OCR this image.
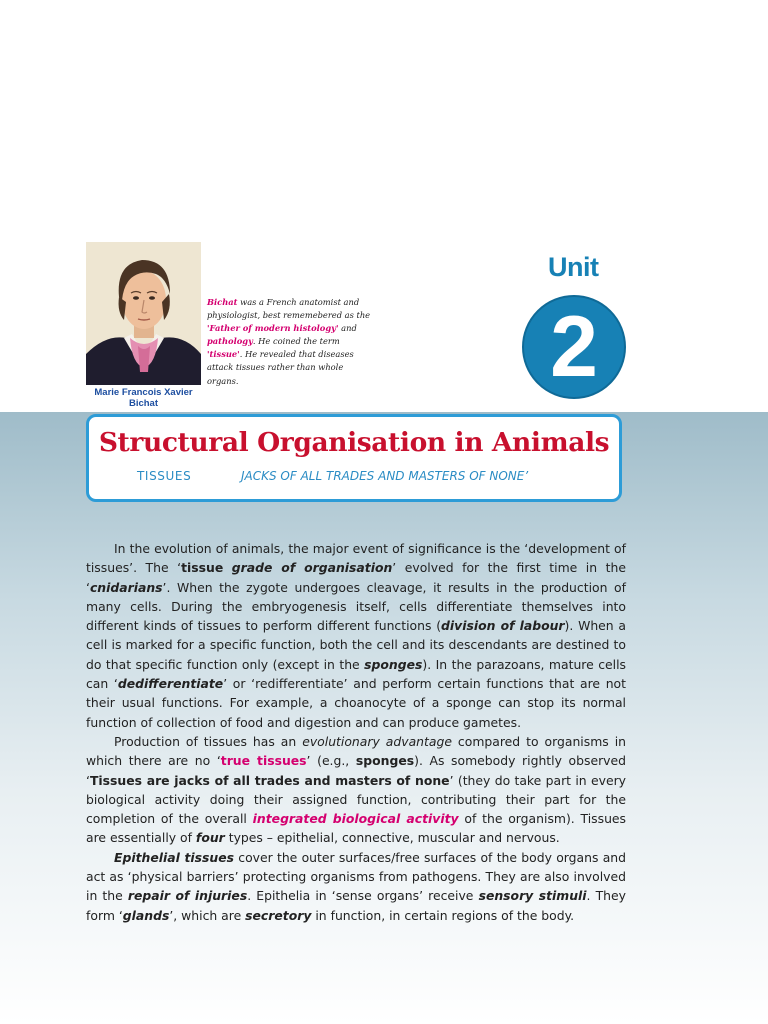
Marie Francois Xavier
Bichat
Bichat was a French anatomist and physiologist, best rememebered as the 'Father of modern histology' and pathology. He coined the term 'tissue'. He revealed that diseases attack tissues rather than whole organs.
Unit
2
Structural Organisation in Animals
TISSUES	JACKS OF ALL TRADES AND MASTERS OF NONE’

In the evolution of animals, the major event of significance is the ‘development of tissues’. The ‘tissue grade of organisation’ evolved for the first time in the ‘cnidarians’. When the zygote undergoes cleavage, it results in the production of many cells. During the embryogenesis itself, cells differentiate themselves into different kinds of tissues to perform different functions (division of labour). When a cell is marked for a specific function, both the cell and its descendants are destined to do that specific function only (except in the sponges). In the parazoans, mature cells can ‘dedifferentiate’ or ‘redifferentiate’ and perform certain functions that are not their usual functions. For example, a choanocyte of a sponge can stop its normal function of collection of food and digestion and can produce gametes.

Production of tissues has an evolutionary advantage compared to organisms in which there are no ‘true tissues’ (e.g., sponges). As somebody rightly observed ‘Tissues are jacks of all trades and masters of none’ (they do take part in every biological activity doing their assigned function, contributing their part for the completion of the overall integrated biological activity of the organism). Tissues are essentially of four types – epithelial, connective, muscular and nervous.

Epithelial tissues cover the outer surfaces/free surfaces of the body organs and act as ‘physical barriers’ protecting organisms from pathogens. They are also involved in the repair of injuries. Epithelia in ‘sense organs’ receive sensory stimuli. They form ‘glands’, which are secretory in function, in certain regions of the body.
